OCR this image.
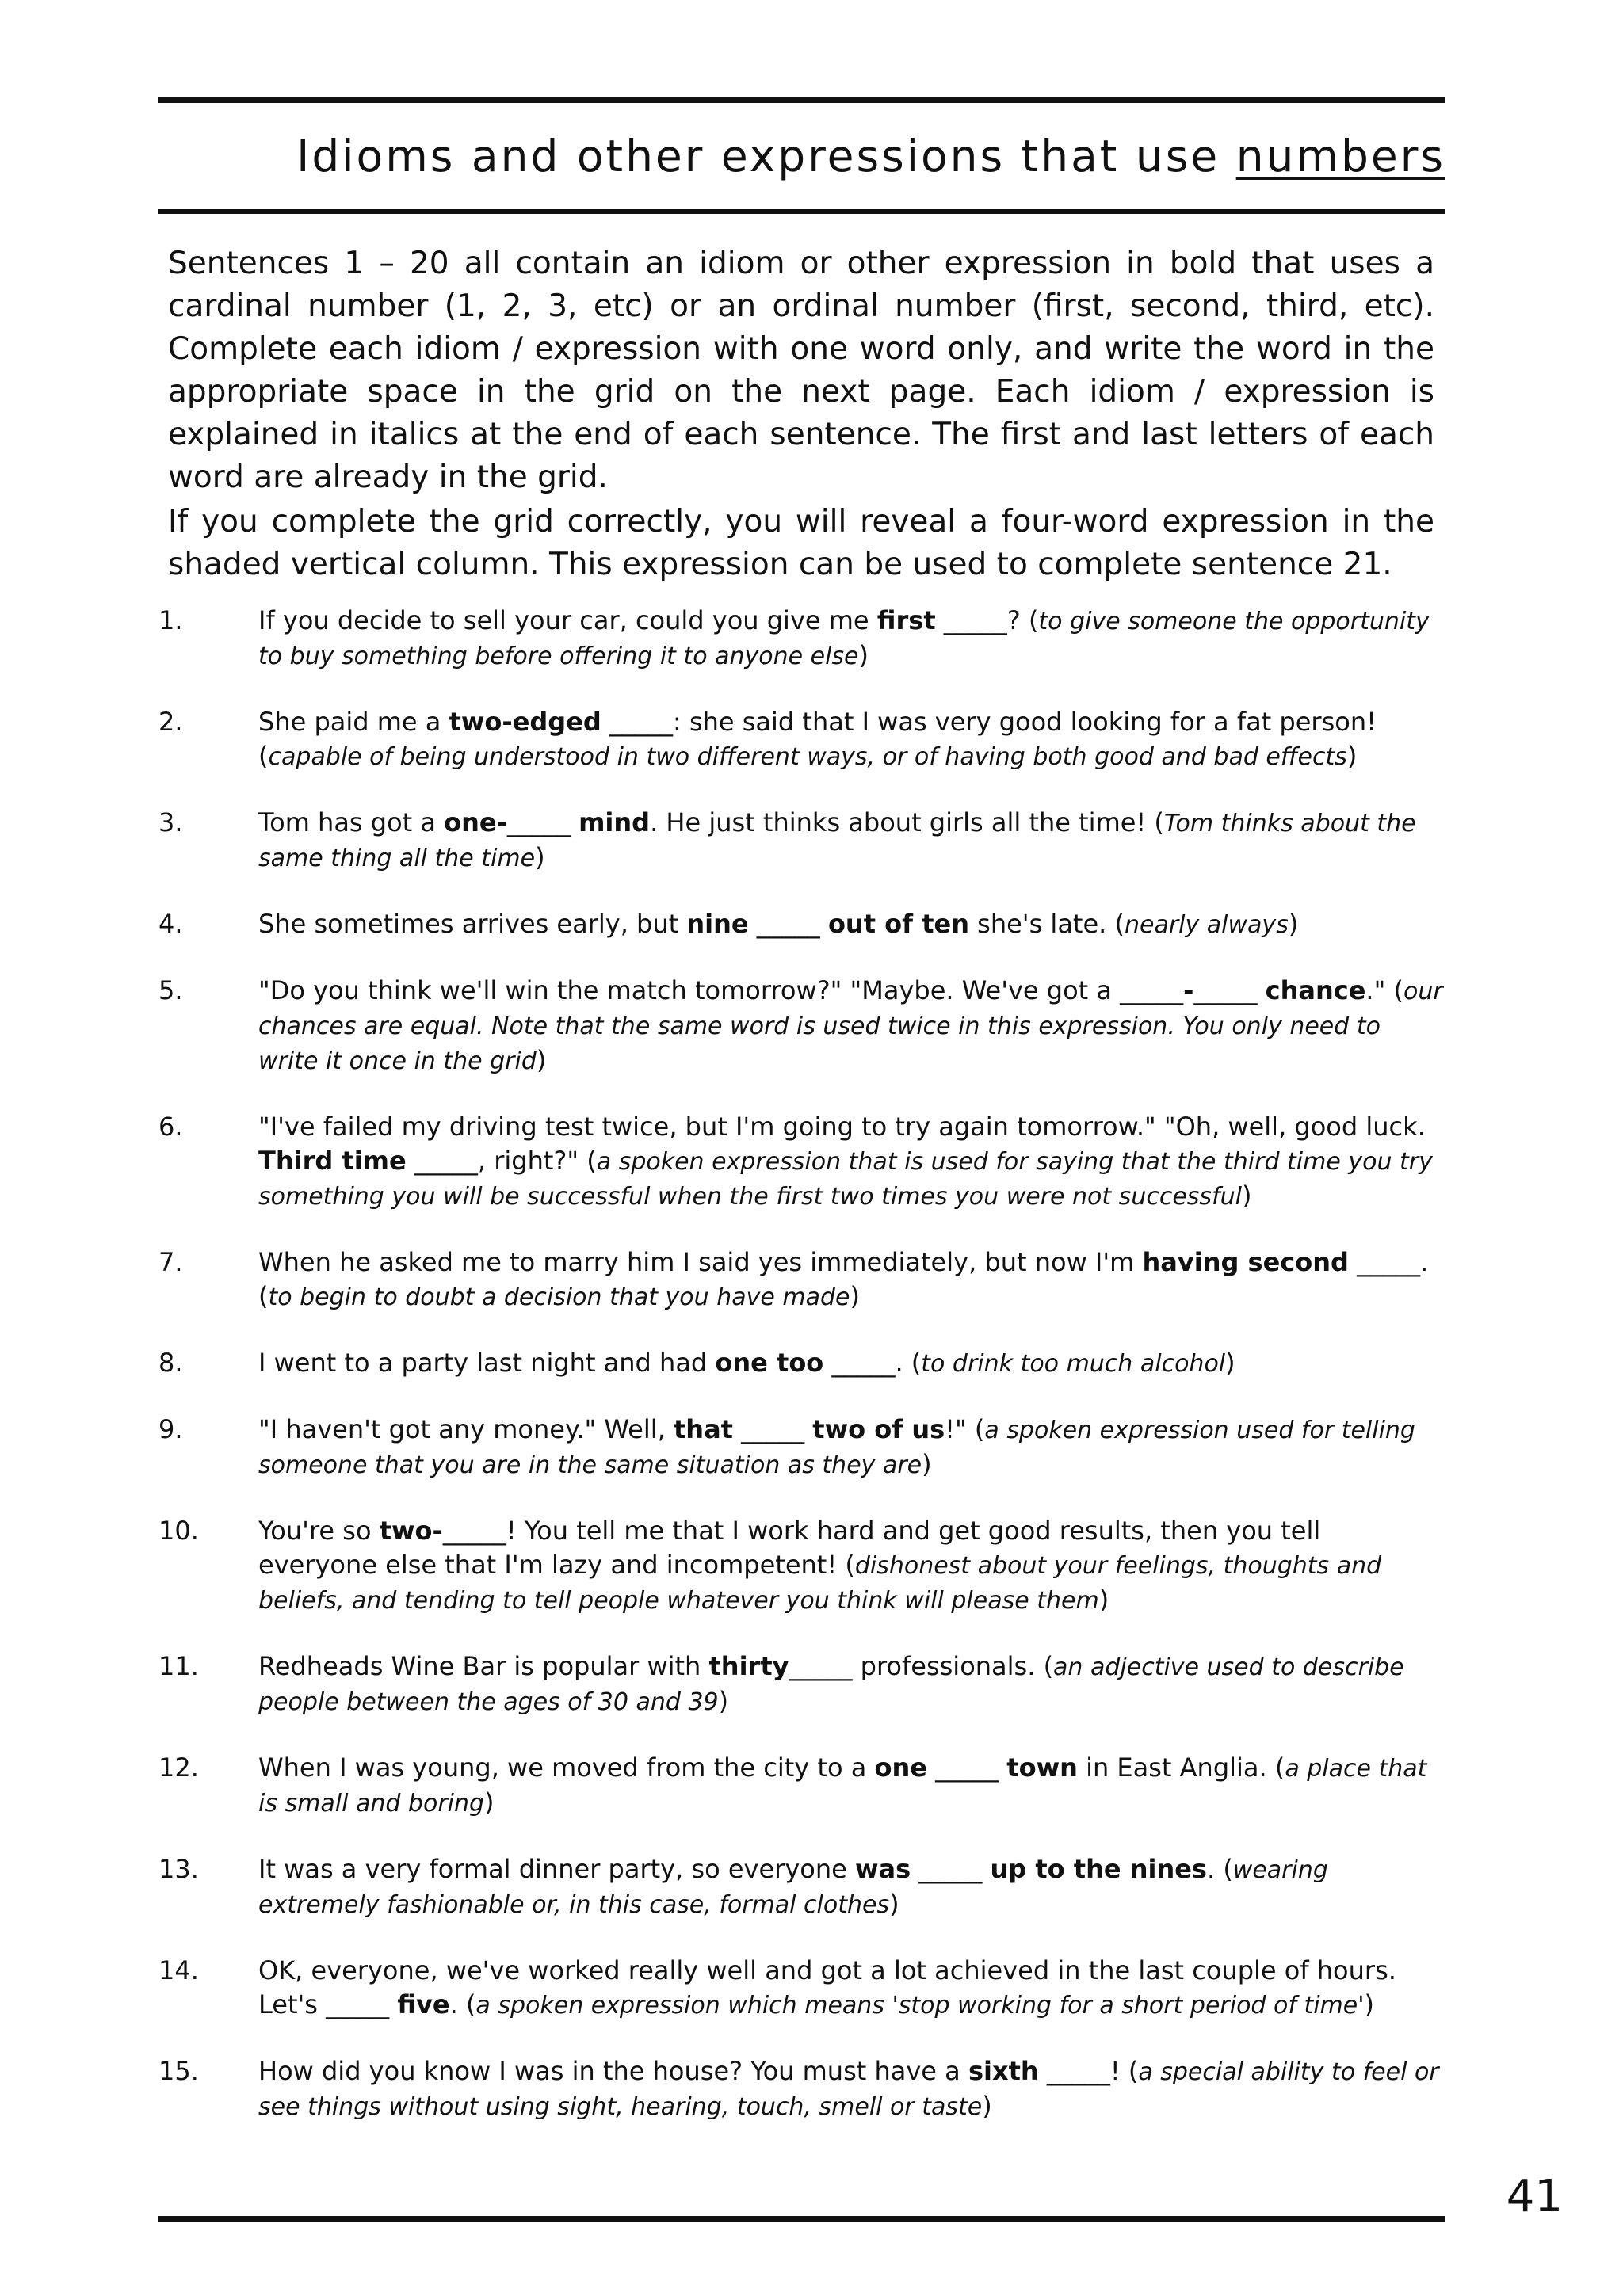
Idioms and other expressions that use numbers

Sentences 1 – 20 all contain an idiom or other expression in bold that uses a cardinal number (1, 2, 3, etc) or an ordinal number (first, second, third, etc). Complete each idiom / expression with one word only, and write the word in the appropriate space in the grid on the next page. Each idiom / expression is explained in italics at the end of each sentence. The first and last letters of each word are already in the grid.

If you complete the grid correctly, you will reveal a four-word expression in the shaded vertical column. This expression can be used to complete sentence 21.

1.	If you decide to sell your car, could you give me first _____? (to give someone the opportunity to buy something before offering it to anyone else)
2.	She paid me a two-edged _____: she said that I was very good looking for a fat person! (capable of being understood in two different ways, or of having both good and bad effects)
3.	Tom has got a one-_____ mind. He just thinks about girls all the time! (Tom thinks about the same thing all the time)
4.	She sometimes arrives early, but nine _____ out of ten she's late. (nearly always)
5.	"Do you think we'll win the match tomorrow?" "Maybe. We've got a _____-_____ chance." (our chances are equal. Note that the same word is used twice in this expression. You only need to write it once in the grid)
6.	"I've failed my driving test twice, but I'm going to try again tomorrow." "Oh, well, good luck. Third time _____, right?" (a spoken expression that is used for saying that the third time you try something you will be successful when the first two times you were not successful)
7.	When he asked me to marry him I said yes immediately, but now I'm having second _____. (to begin to doubt a decision that you have made)
8.	I went to a party last night and had one too _____. (to drink too much alcohol)
9.	"I haven't got any money." Well, that _____ two of us!" (a spoken expression used for telling someone that you are in the same situation as they are)
10. You're so two-_____! You tell me that I work hard and get good results, then you tell everyone else that I'm lazy and incompetent! (dishonest about your feelings, thoughts and beliefs, and tending to tell people whatever you think will please them)
11. Redheads Wine Bar is popular with thirty_____ professionals. (an adjective used to describe people between the ages of 30 and 39)
12. When I was young, we moved from the city to a one _____ town in East Anglia. (a place that is small and boring)
13. It was a very formal dinner party, so everyone was _____ up to the nines. (wearing extremely fashionable or, in this case, formal clothes)
14. OK, everyone, we've worked really well and got a lot achieved in the last couple of hours. Let's _____ five. (a spoken expression which means 'stop working for a short period of time')
15. How did you know I was in the house? You must have a sixth _____! (a special ability to feel or see things without using sight, hearing, touch, smell or taste)
41
